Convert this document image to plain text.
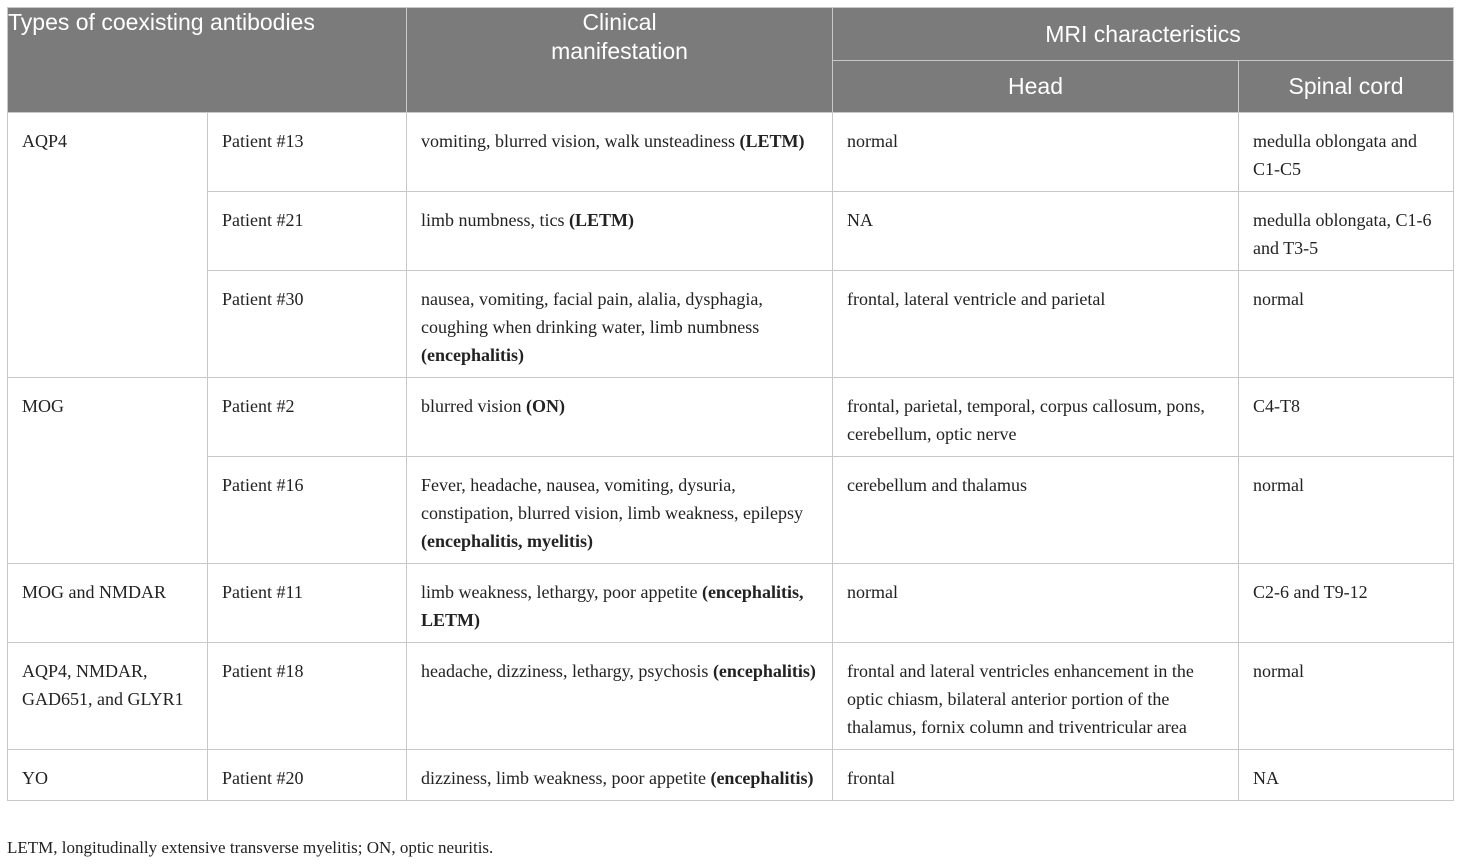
Types of coexisting antibodies		Clinical manifestation	MRI characteristics	
			Head	Spinal cord
AQP4	Patient #13	vomiting, blurred vision, walk unsteadiness (LETM)	normal	medulla oblongata and C1-C5
	Patient #21	limb numbness, tics (LETM)	NA	medulla oblongata, C1-6 and T3-5
	Patient #30	nausea, vomiting, facial pain, alalia, dysphagia, coughing when drinking water, limb numbness (encephalitis)	frontal, lateral ventricle and parietal	normal
MOG	Patient #2	blurred vision (ON)	frontal, parietal, temporal, corpus callosum, pons, cerebellum, optic nerve	C4-T8
	Patient #16	Fever, headache, nausea, vomiting, dysuria, constipation, blurred vision, limb weakness, epilepsy (encephalitis, myelitis)	cerebellum and thalamus	normal
MOG and NMDAR	Patient #11	limb weakness, lethargy, poor appetite (encephalitis, LETM)	normal	C2-6 and T9-12
AQP4, NMDAR, GAD651, and GLYR1	Patient #18	headache, dizziness, lethargy, psychosis (encephalitis)	frontal and lateral ventricles enhancement in the optic chiasm, bilateral anterior portion of the thalamus, fornix column and triventricular area	normal
YO	Patient #20	dizziness, limb weakness, poor appetite (encephalitis)	frontal	NA
LETM, longitudinally extensive transverse myelitis; ON, optic neuritis.
